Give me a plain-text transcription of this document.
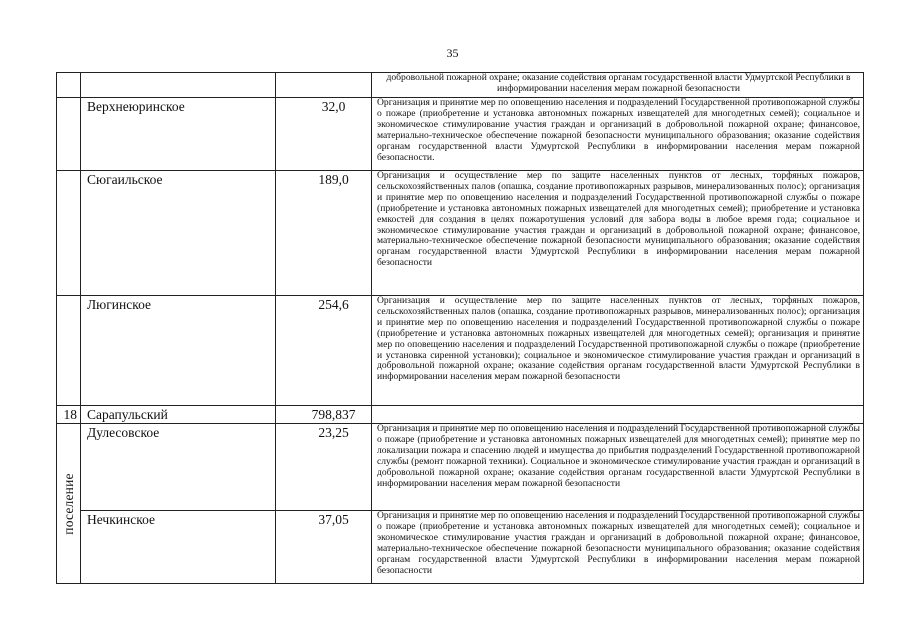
35
			добровольной пожарной охране; оказание содействия органам государственной власти Удмуртской Республики в информировании населения мерам пожарной безопасности
	Верхнеюринское	32,0	Организация и принятие мер по оповещению населения и подразделений Государственной противопожарной службы о пожаре (приобретение и установка автономных пожарных извещателей для многодетных семей); социальное и экономическое стимулирование участия граждан и организаций в добровольной пожарной охране; финансовое, материально-техническое обеспечение пожарной безопасности муниципального образования; оказание содействия органам государственной власти Удмуртской Республики в информировании населения мерам пожарной безопасности.
	Сюгаильское	189,0	Организация и осуществление мер по защите населенных пунктов от лесных, торфяных пожаров, сельскохозяйственных палов (опашка, создание противопожарных разрывов, минерализованных полос); организация и принятие мер по оповещению населения и подразделений Государственной противопожарной службы о пожаре (приобретение и установка автономных пожарных извещателей для многодетных семей); приобретение и установка емкостей для создания в целях пожаротушения условий для забора воды в любое время года; социальное и экономическое стимулирование участия граждан и организаций в добровольной пожарной охране; финансовое, материально-техническое обеспечение пожарной безопасности муниципального образования; оказание содействия органам государственной власти Удмуртской Республики в информировании населения мерам пожарной безопасности
	Люгинское	254,6	Организация и осуществление мер по защите населенных пунктов от лесных, торфяных пожаров, сельскохозяйственных палов (опашка, создание противопожарных разрывов, минерализованных полос); организация и принятие мер по оповещению населения и подразделений Государственной противопожарной службы о пожаре (приобретение и установка автономных пожарных извещателей для многодетных семей); организация и принятие мер по оповещению населения и подразделений Государственной противопожарной службы о пожаре (приобретение и установка сиренной установки); социальное и экономическое стимулирование участия граждан и организаций в добровольной пожарной охране; оказание содействия органам государственной власти Удмуртской Республики в информировании населения мерам пожарной безопасности
18	Сарапульский	798,837	

поселение	Дулесовское	23,25	Организация и принятие мер по оповещению населения и подразделений Государственной противопожарной службы о пожаре (приобретение и установка автономных пожарных извещателей для многодетных семей); принятие мер по локализации пожара и спасению людей и имущества до прибытия подразделений Государственной противопожарной службы (ремонт пожарной техники). Социальное и экономическое стимулирование участия граждан и организаций в добровольной пожарной охране; оказание содействия органам государственной власти Удмуртской Республики в информировании населения мерам пожарной безопасности
	Нечкинское	37,05	Организация и принятие мер по оповещению населения и подразделений Государственной противопожарной службы о пожаре (приобретение и установка автономных пожарных извещателей для многодетных семей); социальное и экономическое стимулирование участия граждан и организаций в добровольной пожарной охране; финансовое, материально-техническое обеспечение пожарной безопасности муниципального образования; оказание содействия органам государственной власти Удмуртской Республики в информировании населения мерам пожарной безопасности
